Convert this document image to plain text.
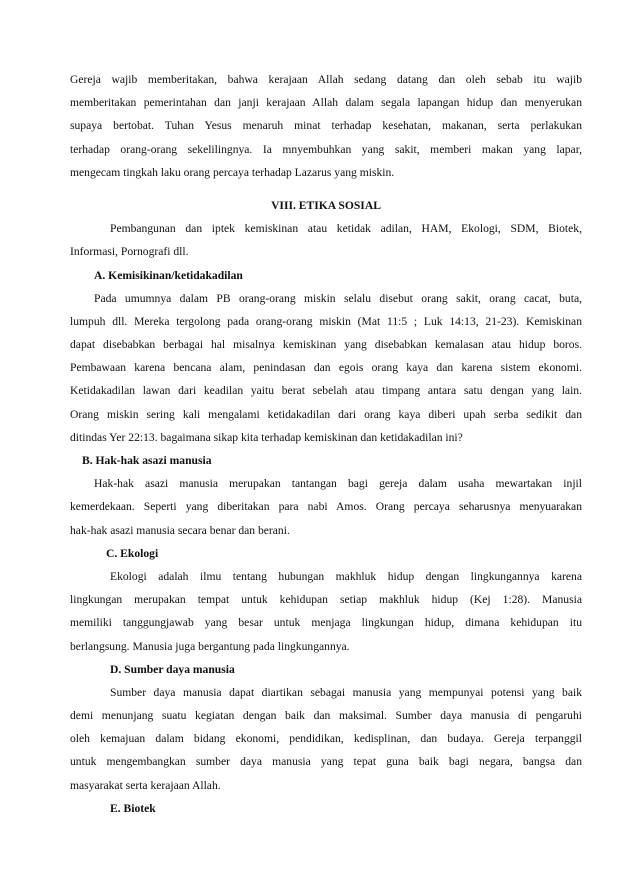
Gereja wajib memberitakan, bahwa kerajaan Allah sedang datang dan oleh sebab itu wajib
memberitakan pemerintahan dan janji kerajaan Allah dalam segala lapangan hidup dan menyerukan
supaya bertobat. Tuhan Yesus menaruh minat terhadap kesehatan, makanan, serta perlakukan
terhadap orang-orang sekelilingnya. Ia mnyembuhkan yang sakit, memberi makan yang lapar,
mengecam tingkah laku orang percaya terhadap Lazarus yang miskin.
VIII. ETIKA SOSIAL
Pembangunan dan iptek kemiskinan atau ketidak adilan, HAM, Ekologi, SDM, Biotek,
Informasi, Pornografi dll.
A. Kemisikinan/ketidakadilan
Pada umumnya dalam PB orang-orang miskin selalu disebut orang sakit, orang cacat, buta,
lumpuh dll. Mereka tergolong pada orang-orang miskin (Mat 11:5 ; Luk 14:13, 21-23). Kemiskinan
dapat disebabkan berbagai hal misalnya kemiskinan yang disebabkan kemalasan atau hidup boros.
Pembawaan karena bencana alam, penindasan dan egois orang kaya dan karena sistem ekonomi.
Ketidakadilan lawan dari keadilan yaitu berat sebelah atau timpang antara satu dengan yang lain.
Orang miskin sering kali mengalami ketidakadilan dari orang kaya diberi upah serba sedikit dan
ditindas Yer 22:13. bagaimana sikap kita terhadap kemiskinan dan ketidakadilan ini?
B. Hak-hak asazi manusia
Hak-hak asazi manusia merupakan tantangan bagi gereja dalam usaha mewartakan injil
kemerdekaan. Seperti yang diberitakan para nabi Amos. Orang percaya seharusnya menyuarakan
hak-hak asazi manusia secara benar dan berani.
C. Ekologi
Ekologi adalah ilmu tentang hubungan makhluk hidup dengan lingkungannya karena
lingkungan merupakan tempat untuk kehidupan setiap makhluk hidup (Kej 1:28). Manusia
memiliki tanggungjawab yang besar untuk menjaga lingkungan hidup, dimana kehidupan itu
berlangsung. Manusia juga bergantung pada lingkungannya.
D. Sumber daya manusia
Sumber daya manusia dapat diartikan sebagai manusia yang mempunyai potensi yang baik
demi menunjang suatu kegiatan dengan baik dan maksimal. Sumber daya manusia di pengaruhi
oleh kemajuan dalam bidang ekonomi, pendidikan, kedisplinan, dan budaya. Gereja terpanggil
untuk mengembangkan sumber daya manusia yang tepat guna baik bagi negara, bangsa dan
masyarakat serta kerajaan Allah.
E. Biotek
